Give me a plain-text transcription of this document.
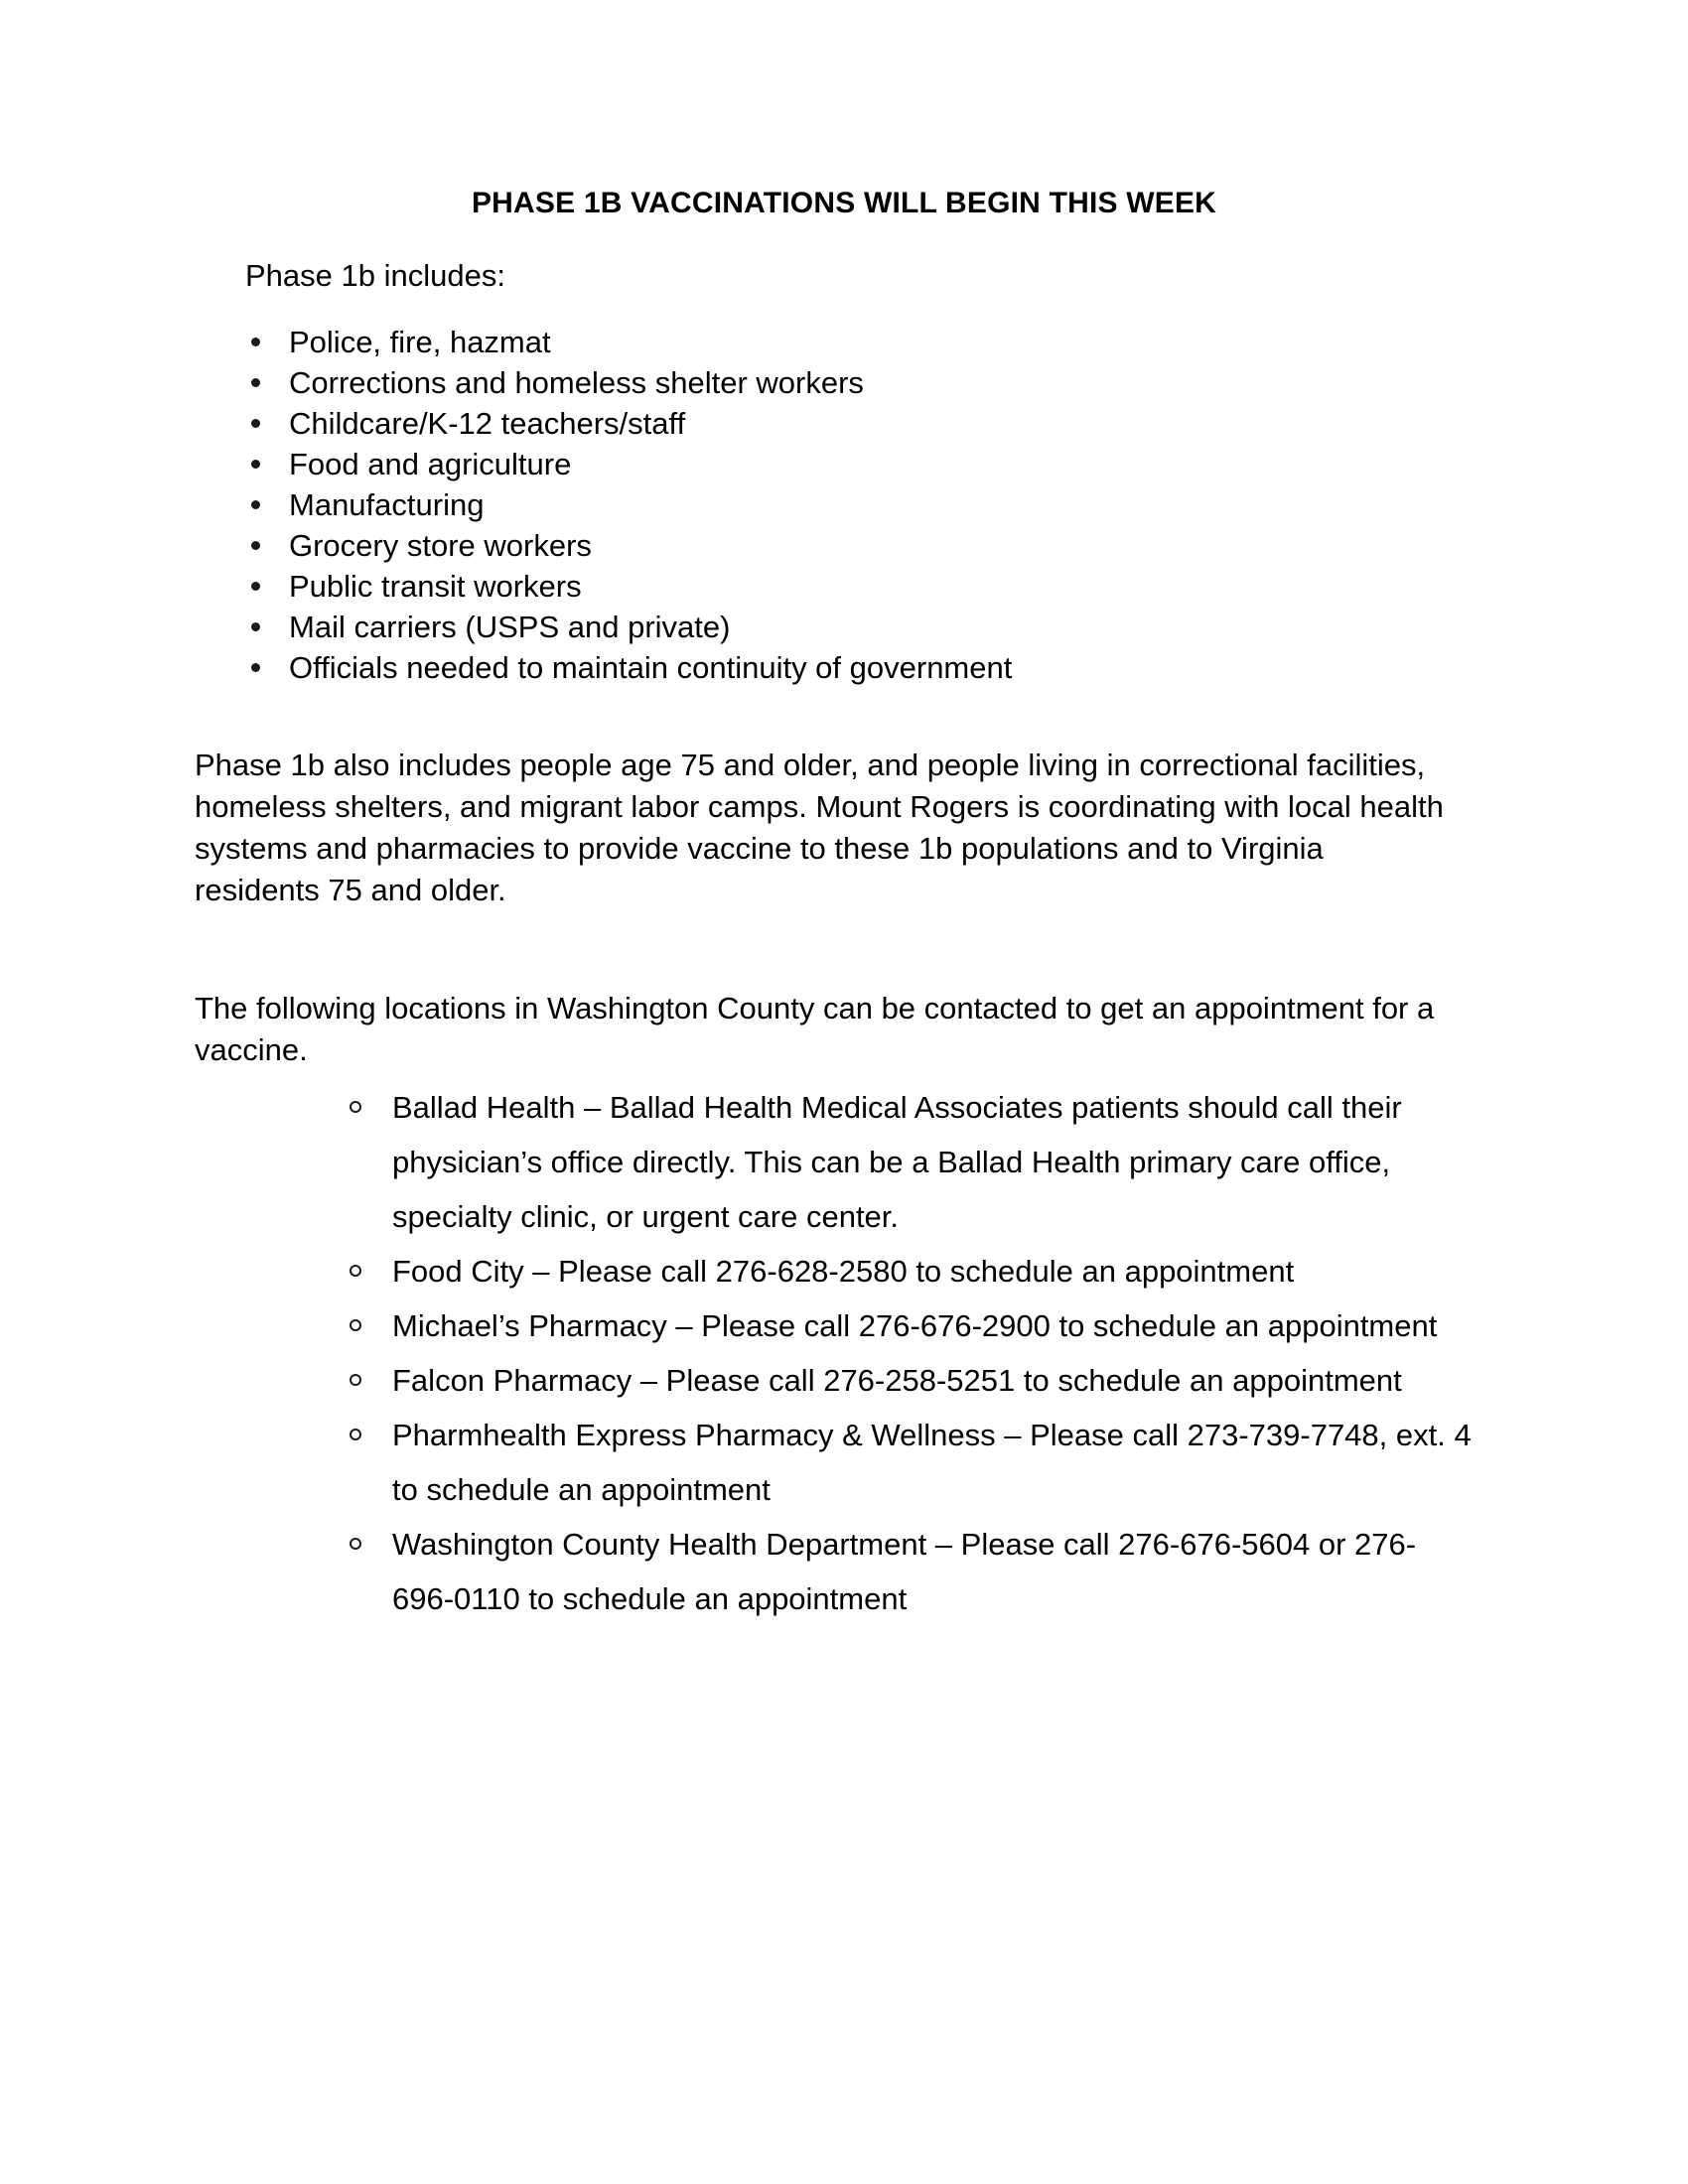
PHASE 1B VACCINATIONS WILL BEGIN THIS WEEK
Phase 1b includes:
Police, fire, hazmat
Corrections and homeless shelter workers
Childcare/K-12 teachers/staff
Food and agriculture
Manufacturing
Grocery store workers
Public transit workers
Mail carriers (USPS and private)
Officials needed to maintain continuity of government
Phase 1b also includes people age 75 and older, and people living in correctional facilities, homeless shelters, and migrant labor camps. Mount Rogers is coordinating with local health systems and pharmacies to provide vaccine to these 1b populations and to Virginia residents 75 and older.
The following locations in Washington County can be contacted to get an appointment for a vaccine.
Ballad Health – Ballad Health Medical Associates patients should call their physician’s office directly. This can be a Ballad Health primary care office, specialty clinic, or urgent care center.
Food City – Please call 276-628-2580 to schedule an appointment
Michael’s Pharmacy – Please call 276-676-2900 to schedule an appointment
Falcon Pharmacy – Please call 276-258-5251 to schedule an appointment
Pharmhealth Express Pharmacy & Wellness – Please call 273-739-7748, ext. 4 to schedule an appointment
Washington County Health Department – Please call 276-676-5604 or 276-696-0110 to schedule an appointment
